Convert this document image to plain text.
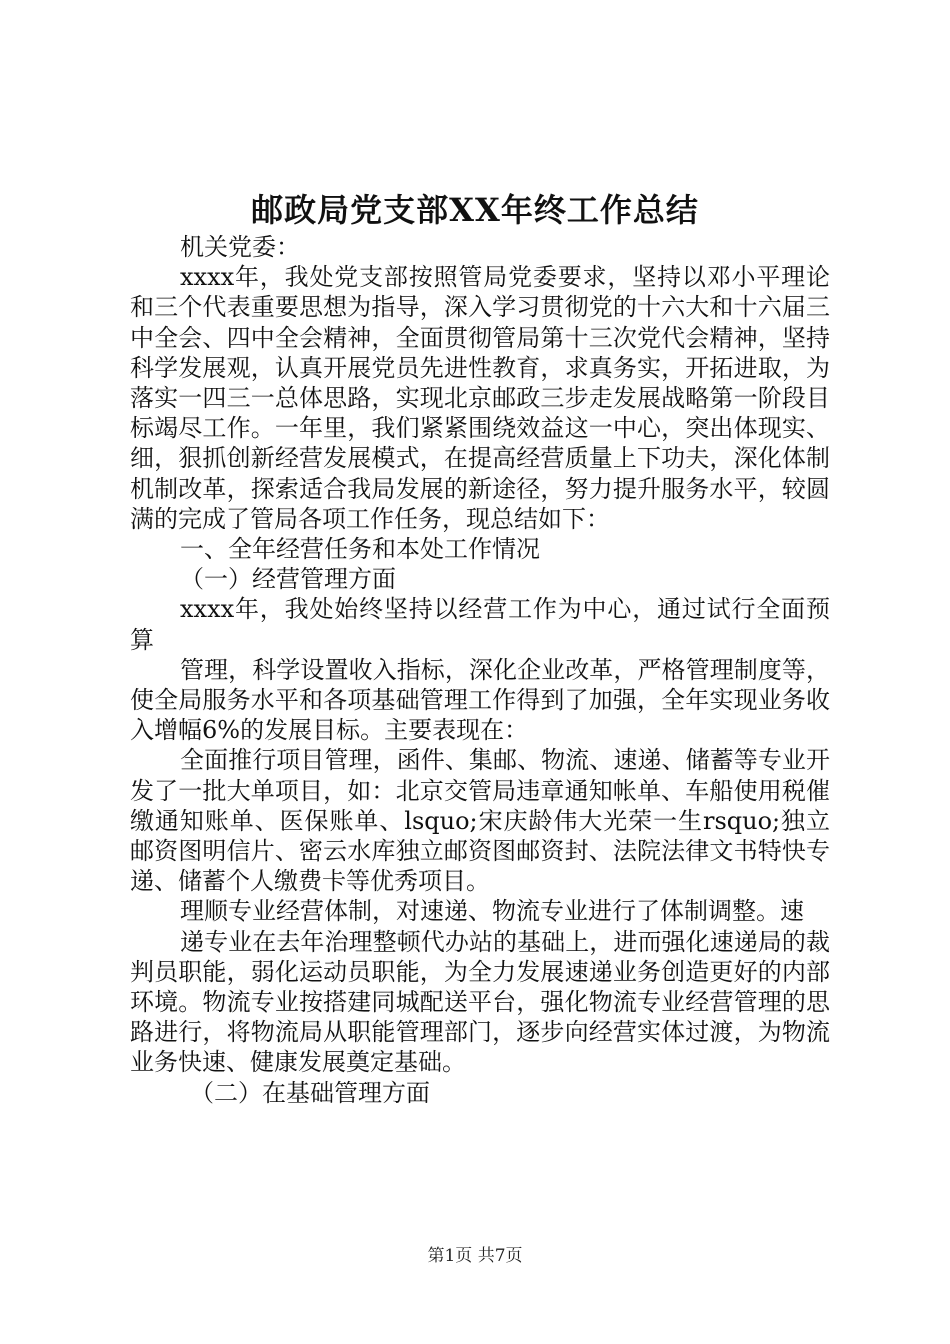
邮政局党支部XX年终工作总结

机关党委：

xxxx年，我处党支部按照管局党委要求，坚持以邓小平理论和三个代表重要思想为指导，深入学习贯彻党的十六大和十六届三中全会、四中全会精神，全面贯彻管局第十三次党代会精神，坚持科学发展观，认真开展党员先进性教育，求真务实，开拓进取，为落实一四三一总体思路，实现北京邮政三步走发展战略第一阶段目标竭尽工作。一年里，我们紧紧围绕效益这一中心，突出体现实、细，狠抓创新经营发展模式，在提高经营质量上下功夫，深化体制机制改革，探索适合我局发展的新途径，努力提升服务水平，较圆满的完成了管局各项工作任务，现总结如下：

一、全年经营任务和本处工作情况

（一）经营管理方面

xxxx年，我处始终坚持以经营工作为中心，通过试行全面预算

管理，科学设置收入指标，深化企业改革，严格管理制度等，使全局服务水平和各项基础管理工作得到了加强，全年实现业务收入增幅6%的发展目标。主要表现在：

全面推行项目管理，函件、集邮、物流、速递、储蓄等专业开发了一批大单项目，如：北京交管局违章通知帐单、车船使用税催缴通知账单、医保账单、lsquo;宋庆龄伟大光荣一生rsquo;独立邮资图明信片、密云水库独立邮资图邮资封、法院法律文书特快专递、储蓄个人缴费卡等优秀项目。

理顺专业经营体制，对速递、物流专业进行了体制调整。速

递专业在去年治理整顿代办站的基础上，进而强化速递局的裁判员职能，弱化运动员职能，为全力发展速递业务创造更好的内部环境。物流专业按搭建同城配送平台，强化物流专业经营管理的思路进行，将物流局从职能管理部门，逐步向经营实体过渡，为物流业务快速、健康发展奠定基础。

（二）在基础管理方面

第1页 共7页
